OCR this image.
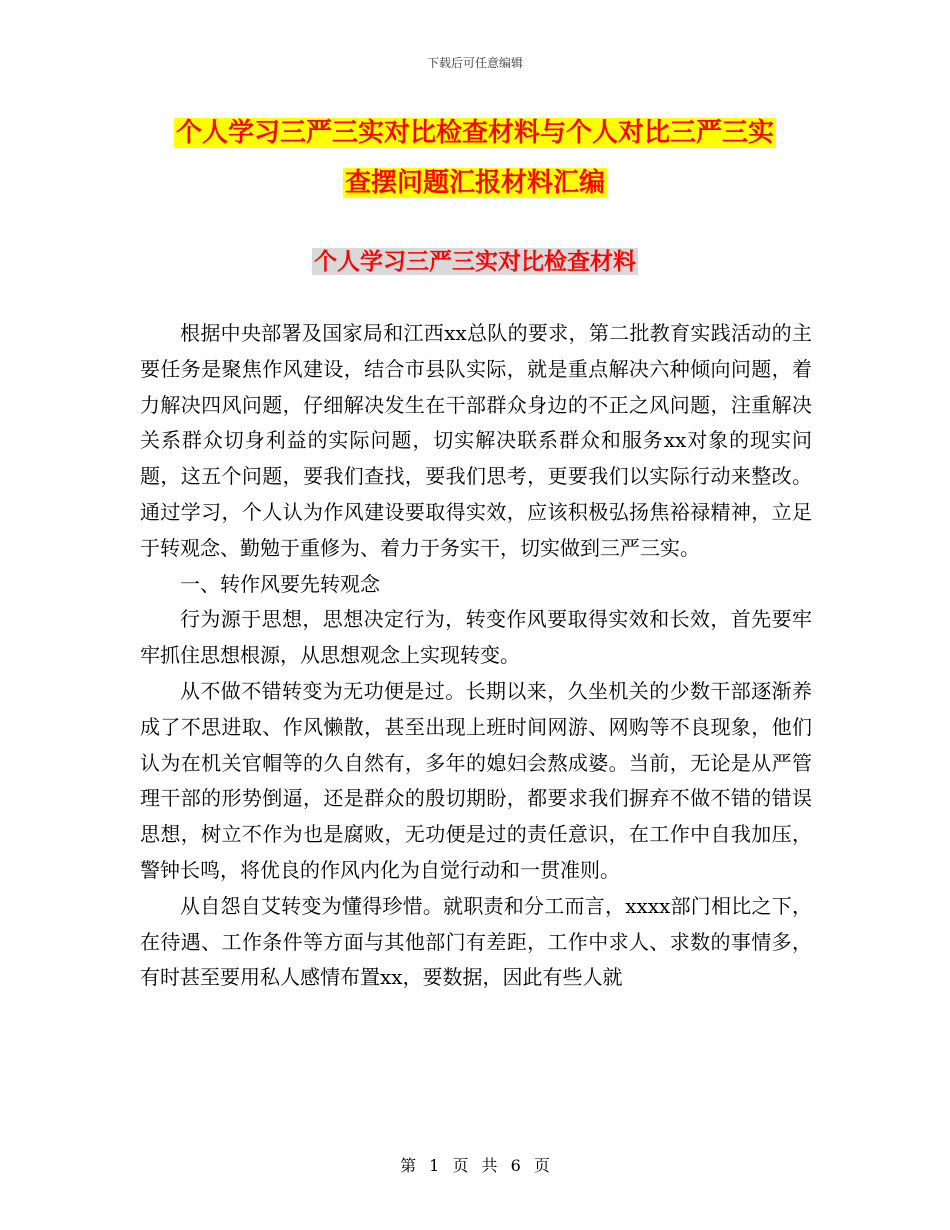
下载后可任意编辑
个人学习三严三实对比检查材料与个人对比三严三实
查摆问题汇报材料汇编
个人学习三严三实对比检查材料

根据中央部署及国家局和江西xx总队的要求，第二批教育实践活动的主要任务是聚焦作风建设，结合市县队实际，就是重点解决六种倾向问题，着力解决四风问题，仔细解决发生在干部群众身边的不正之风问题，注重解决关系群众切身利益的实际问题，切实解决联系群众和服务xx对象的现实问题，这五个问题，要我们查找，要我们思考，更要我们以实际行动来整改。通过学习，个人认为作风建设要取得实效，应该积极弘扬焦裕禄精神，立足于转观念、勤勉于重修为、着力于务实干，切实做到三严三实。

一、转作风要先转观念

行为源于思想，思想决定行为，转变作风要取得实效和长效，首先要牢牢抓住思想根源，从思想观念上实现转变。

从不做不错转变为无功便是过。长期以来，久坐机关的少数干部逐渐养成了不思进取、作风懒散，甚至出现上班时间网游、网购等不良现象，他们认为在机关官帽等的久自然有，多年的媳妇会熬成婆。当前，无论是从严管理干部的形势倒逼，还是群众的殷切期盼，都要求我们摒弃不做不错的错误思想，树立不作为也是腐败，无功便是过的责任意识，在工作中自我加压，警钟长鸣，将优良的作风内化为自觉行动和一贯准则。

从自怨自艾转变为懂得珍惜。就职责和分工而言，xxxx部门相比之下，在待遇、工作条件等方面与其他部门有差距，工作中求人、求数的事情多，有时甚至要用私人感情布置xx，要数据，因此有些人就

第 1 页 共 6 页
